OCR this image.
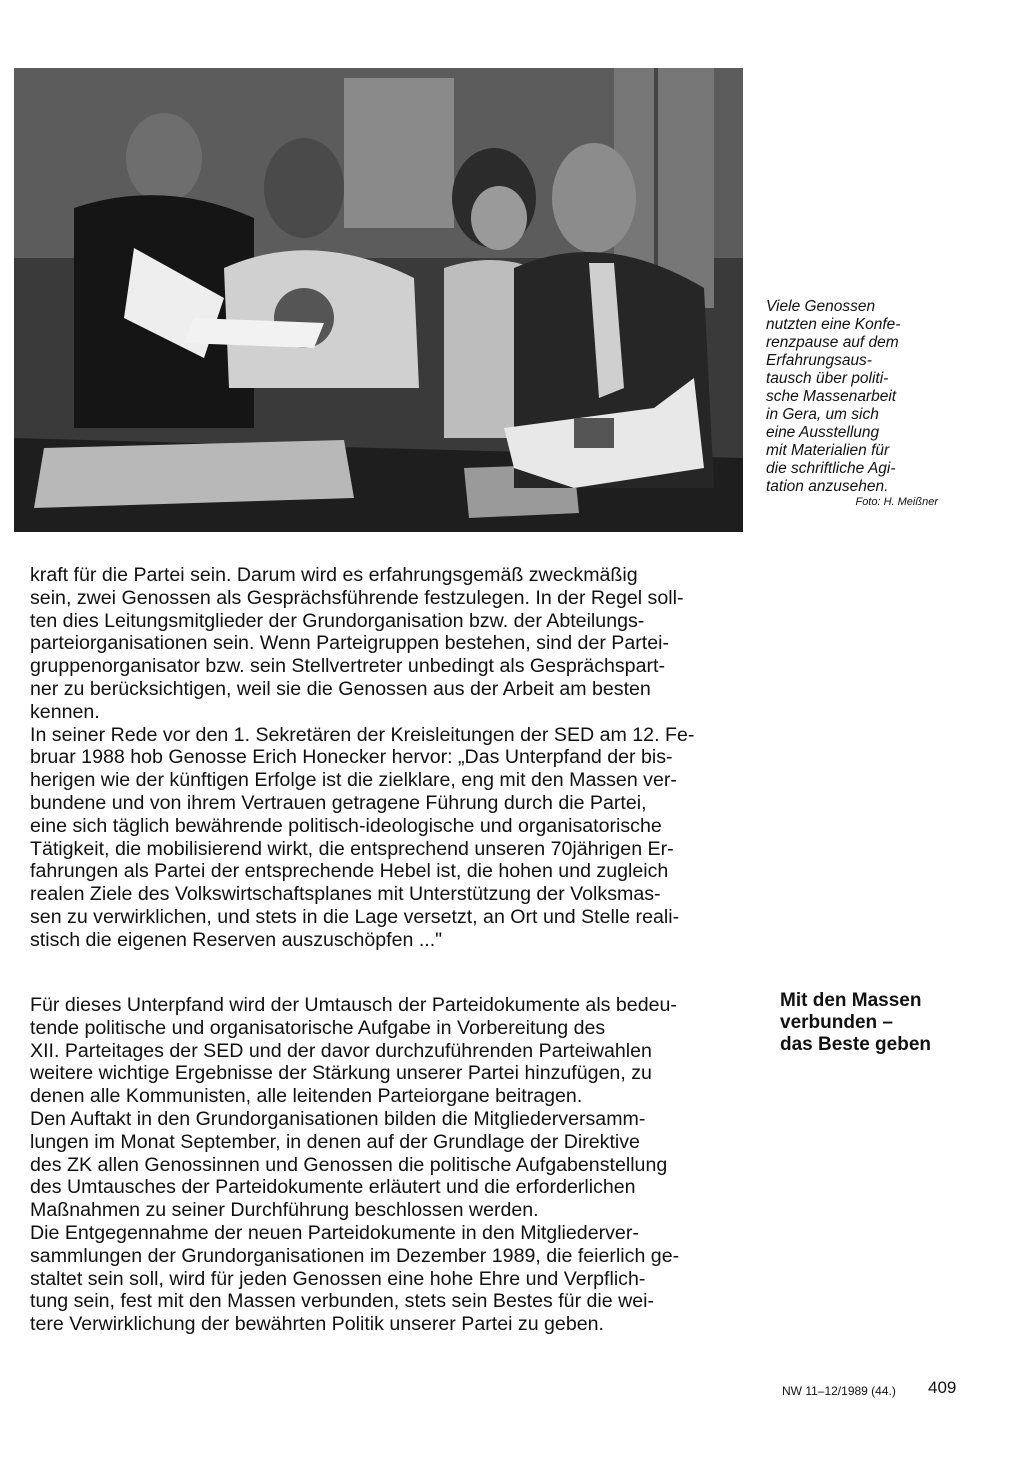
Viele Genossen
nutzten eine Konfe-
renzpause auf dem
Erfahrungsaus-
tausch über politi-
sche Massenarbeit
in Gera, um sich
eine Ausstellung
mit Materialien für
die schriftliche Agi-
tation anzusehen.
Foto: H. Meißner
kraft für die Partei sein. Darum wird es erfahrungsgemäß zweckmäßig
sein, zwei Genossen als Gesprächsführende festzulegen. In der Regel soll-
ten dies Leitungsmitglieder der Grundorganisation bzw. der Abteilungs-
parteiorganisationen sein. Wenn Parteigruppen bestehen, sind der Partei-
gruppenorganisator bzw. sein Stellvertreter unbedingt als Gesprächspart-
ner zu berücksichtigen, weil sie die Genossen aus der Arbeit am besten
kennen.
In seiner Rede vor den 1. Sekretären der Kreisleitungen der SED am 12. Fe-
bruar 1988 hob Genosse Erich Honecker hervor: „Das Unterpfand der bis-
herigen wie der künftigen Erfolge ist die zielklare, eng mit den Massen ver-
bundene und von ihrem Vertrauen getragene Führung durch die Partei,
eine sich täglich bewährende politisch-ideologische und organisatorische
Tätigkeit, die mobilisierend wirkt, die entsprechend unseren 70jährigen Er-
fahrungen als Partei der entsprechende Hebel ist, die hohen und zugleich
realen Ziele des Volkswirtschaftsplanes mit Unterstützung der Volksmas-
sen zu verwirklichen, und stets in die Lage versetzt, an Ort und Stelle reali-
stisch die eigenen Reserven auszuschöpfen ..."
Mit den Massen
verbunden –
das Beste geben
Für dieses Unterpfand wird der Umtausch der Parteidokumente als bedeu-
tende politische und organisatorische Aufgabe in Vorbereitung des
XII. Parteitages der SED und der davor durchzuführenden Parteiwahlen
weitere wichtige Ergebnisse der Stärkung unserer Partei hinzufügen, zu
denen alle Kommunisten, alle leitenden Parteiorgane beitragen.
Den Auftakt in den Grundorganisationen bilden die Mitgliederversamm-
lungen im Monat September, in denen auf der Grundlage der Direktive
des ZK allen Genossinnen und Genossen die politische Aufgabenstellung
des Umtausches der Parteidokumente erläutert und die erforderlichen
Maßnahmen zu seiner Durchführung beschlossen werden.
Die Entgegennahme der neuen Parteidokumente in den Mitgliederver-
sammlungen der Grundorganisationen im Dezember 1989, die feierlich ge-
staltet sein soll, wird für jeden Genossen eine hohe Ehre und Verpflich-
tung sein, fest mit den Massen verbunden, stets sein Bestes für die wei-
tere Verwirklichung der bewährten Politik unserer Partei zu geben.
NW 11–12/1989 (44.) 409
